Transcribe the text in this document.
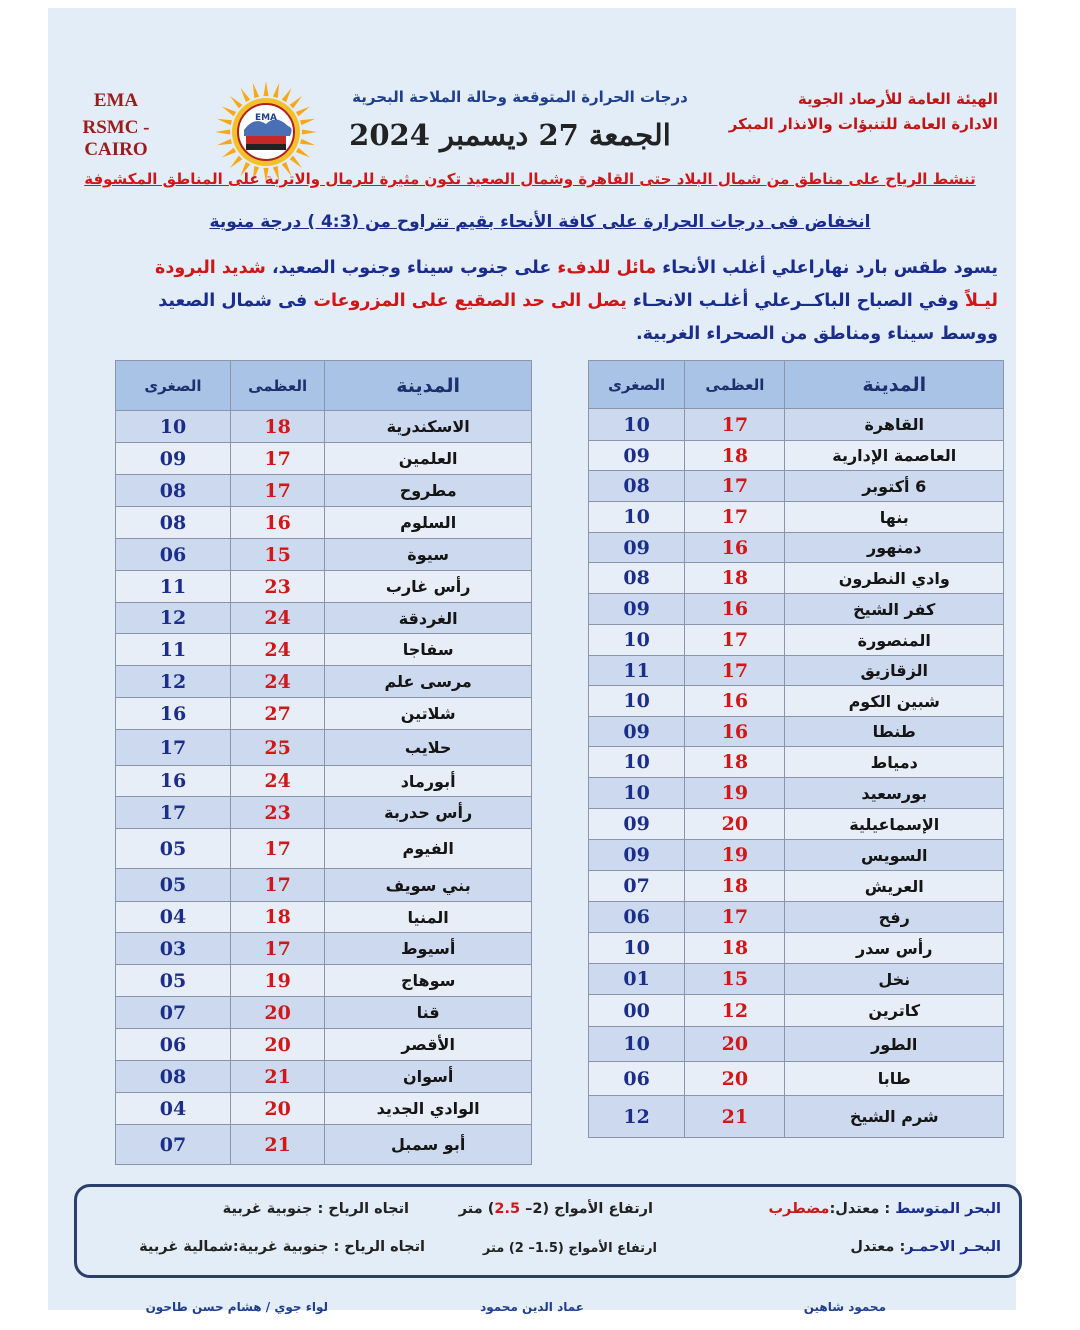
EMA
RSMC - CAIRO
EMA
الهيئة العامة للأرصاد الجوية
الادارة العامة للتنبؤات والانذار المبكر
درجات الحرارة المتوقعة وحالة الملاحة البحرية
الجمعة 27 ديسمبر 2024
تنشط الرياح على مناطق من شمال البلاد حتى القاهرة وشمال الصعيد تكون مثيرة للرمال والاتربة على المناطق المكشوفة
انخفاض فى درجات الحرارة على كافة الأنحاء بقيم تتراوح من (4:3 ) درجة منوية
يسود طقس بارد نهاراعلي أغلب الأنحاء مائل للدفء على جنوب سيناء وجنوب الصعيد، شديد البرودة
ليـلاً وفي الصباح الباكــرعلي أغلـب الانحـاء يصل الى حد الصقيع على المزروعات فى شمال الصعيد
ووسط سيناء ومناطق من الصحراء الغربية.
المدينة	العظمى	الصغرى
القاهرة	17	10
العاصمة الإدارية	18	09
6 أكتوبر	17	08
بنها	17	10
دمنهور	16	09
وادي النطرون	18	08
كفر الشيخ	16	09
المنصورة	17	10
الزقازيق	17	11
شبين الكوم	16	10
طنطا	16	09
دمياط	18	10
بورسعيد	19	10
الإسماعيلية	20	09
السويس	19	09
العريش	18	07
رفح	17	06
رأس سدر	18	10
نخل	15	01
كاترين	12	00
الطور	20	10
طابا	20	06
شرم الشيخ	21	12
المدينة	العظمى	الصغرى
الاسكندرية	18	10
العلمين	17	09
مطروح	17	08
السلوم	16	08
سيوة	15	06
رأس غارب	23	11
الغردقة	24	12
سفاجا	24	11
مرسى علم	24	12
شلاتين	27	16
حلايب	25	17
أبورماد	24	16
رأس حدربة	23	17
الفيوم	17	05
بني سويف	17	05
المنيا	18	04
أسيوط	17	03
سوهاج	19	05
قنا	20	07
الأقصر	20	06
أسوان	21	08
الوادي الجديد	20	04
أبو سمبل	21	07
البحر المتوسط : معتدل:مضطرب
ارتفاع الأمواج (2– 2.5) متر
اتجاه الرياح : جنوبية غربية
البحـر الاحمـر: معتدل
ارتفاع الأمواج (1.5– 2) متر
اتجاه الرياح : جنوبية غربية:شمالية غربية
محمود شاهين
عماد الدين محمود
لواء جوي / هشام حسن طاحون
